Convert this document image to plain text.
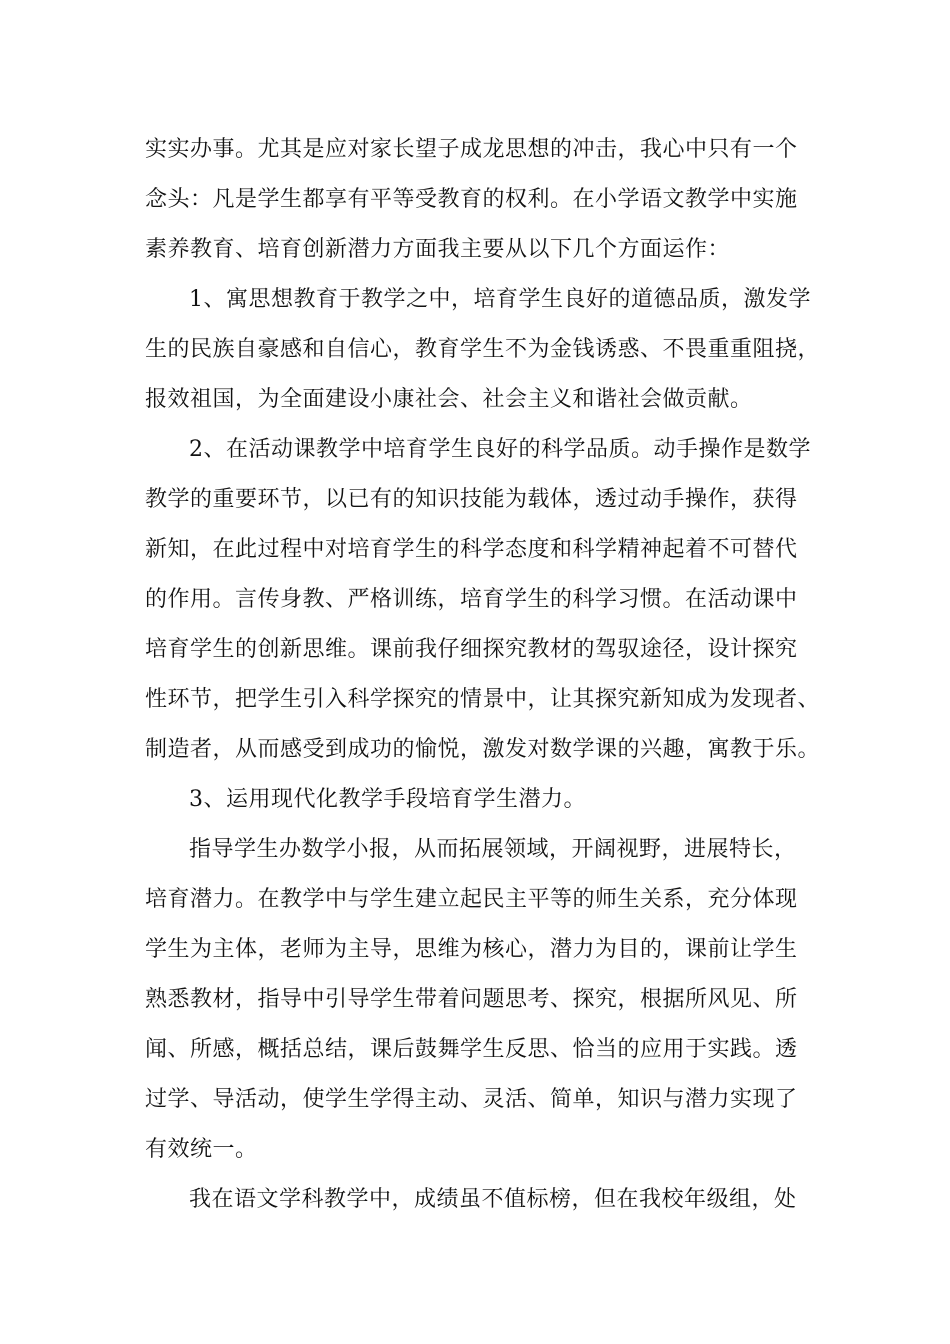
实实办事。尤其是应对家长望子成龙思想的冲击，我心中只有一个
念头：凡是学生都享有平等受教育的权利。在小学语文教学中实施
素养教育、培育创新潜力方面我主要从以下几个方面运作：
1、寓思想教育于教学之中，培育学生良好的道德品质，激发学
生的民族自豪感和自信心，教育学生不为金钱诱惑、不畏重重阻挠，
报效祖国，为全面建设小康社会、社会主义和谐社会做贡献。
2、在活动课教学中培育学生良好的科学品质。动手操作是数学
教学的重要环节，以已有的知识技能为载体，透过动手操作，获得
新知，在此过程中对培育学生的科学态度和科学精神起着不可替代
的作用。言传身教、严格训练，培育学生的科学习惯。在活动课中
培育学生的创新思维。课前我仔细探究教材的驾驭途径，设计探究
性环节，把学生引入科学探究的情景中，让其探究新知成为发现者、
制造者，从而感受到成功的愉悦，激发对数学课的兴趣，寓教于乐。
3、运用现代化教学手段培育学生潜力。
指导学生办数学小报，从而拓展领域，开阔视野，进展特长，
培育潜力。在教学中与学生建立起民主平等的师生关系，充分体现
学生为主体，老师为主导，思维为核心，潜力为目的，课前让学生
熟悉教材，指导中引导学生带着问题思考、探究，根据所风见、所
闻、所感，概括总结，课后鼓舞学生反思、恰当的应用于实践。透
过学、导活动，使学生学得主动、灵活、简单，知识与潜力实现了
有效统一。
我在语文学科教学中，成绩虽不值标榜，但在我校年级组，处
